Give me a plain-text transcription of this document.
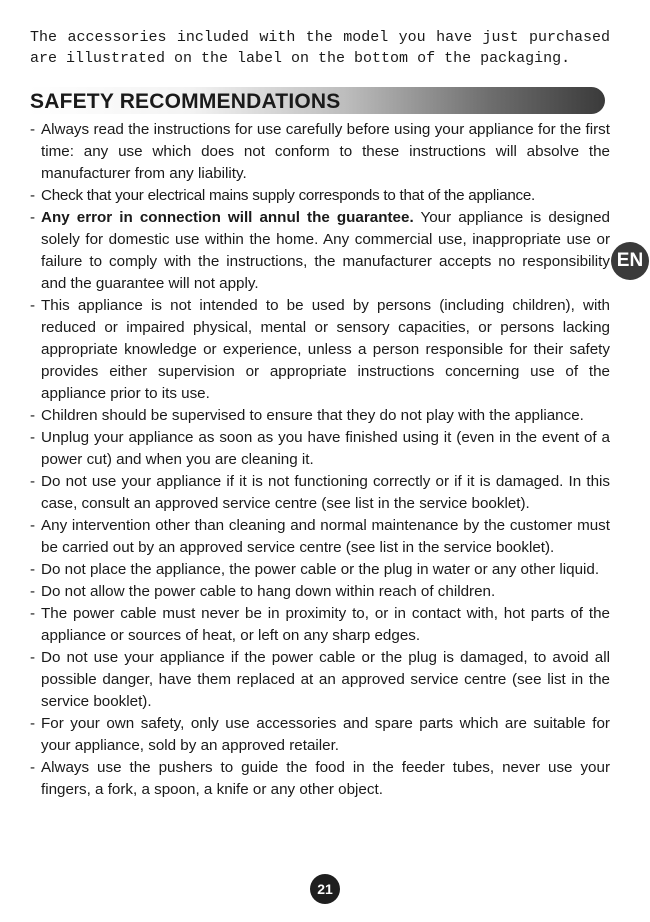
The accessories included with the model you have just purchased are illustrated on the label on the bottom of the packaging.

SAFETY RECOMMENDATIONS
- Always read the instructions for use carefully before using your appliance for the first time: any use which does not conform to these instructions will absolve the manufacturer from any liability.
- Check that your electrical mains supply corresponds to that of the appliance.
- Any error in connection will annul the guarantee. Your appliance is designed solely for domestic use within the home. Any commercial use, inappropriate use or failure to comply with the instructions, the manufacturer accepts no responsibility and the guarantee will not apply.
- This appliance is not intended to be used by persons (including children), with reduced or impaired physical, mental or sensory capacities, or persons lacking appropriate knowledge or experience, unless a person responsible for their safety provides either supervision or appropriate instructions concerning use of the appliance prior to its use.
- Children should be supervised to ensure that they do not play with the appliance.
- Unplug your appliance as soon as you have finished using it (even in the event of a power cut) and when you are cleaning it.
- Do not use your appliance if it is not functioning correctly or if it is damaged. In this case, consult an approved service centre (see list in the service booklet).
- Any intervention other than cleaning and normal maintenance by the customer must be carried out by an approved service centre (see list in the service booklet).
- Do not place the appliance, the power cable or the plug in water or any other liquid.
- Do not allow the power cable to hang down within reach of children.
- The power cable must never be in proximity to, or in contact with, hot parts of the appliance or sources of heat, or left on any sharp edges.
- Do not use your appliance if the power cable or the plug is damaged, to avoid all possible danger, have them replaced at an approved service centre (see list in the service booklet).
- For your own safety, only use accessories and spare parts which are suitable for your appliance, sold by an approved retailer.
- Always use the pushers to guide the food in the feeder tubes, never use your fingers, a fork, a spoon, a knife or any other object.
EN
21
